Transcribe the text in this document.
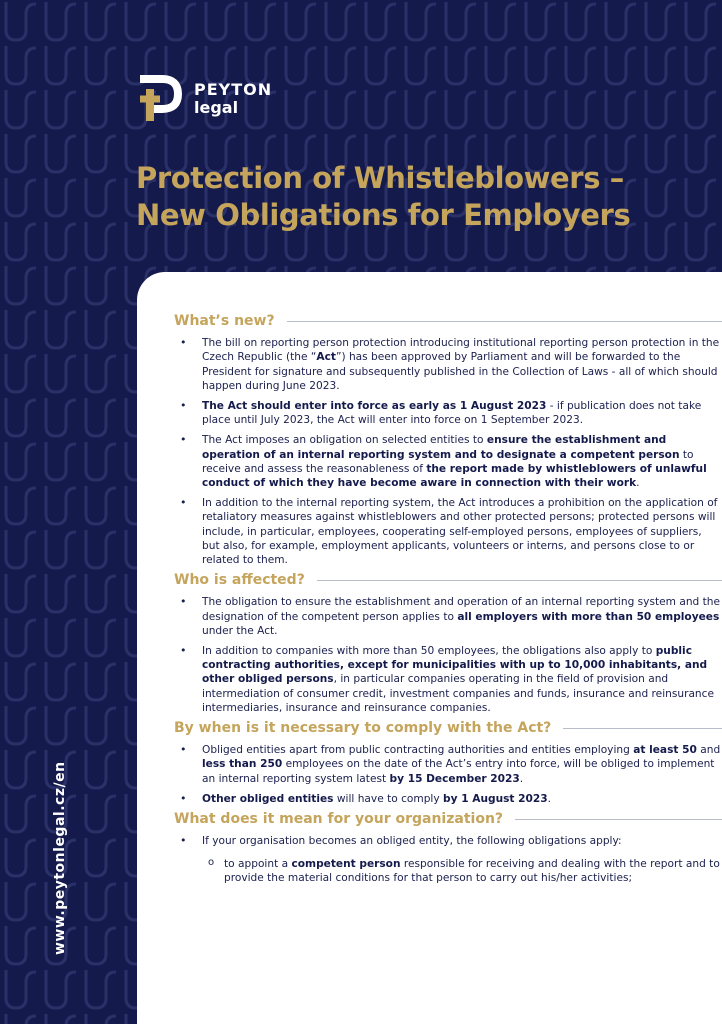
PEYTON
legal
Protection of Whistleblowers –
New Obligations for Employers
www.peytonlegal.cz/en
What’s new?
• The bill on reporting person protection introducing institutional reporting person protection in the Czech Republic (the “Act”) has been approved by Parliament and will be forwarded to the President for signature and subsequently published in the Collection of Laws - all of which should happen during June 2023.
• The Act should enter into force as early as 1 August 2023 - if publication does not take place until July 2023, the Act will enter into force on 1 September 2023.
• The Act imposes an obligation on selected entities to ensure the establishment and operation of an internal reporting system and to designate a competent person to receive and assess the reasonableness of the report made by whistleblowers of unlawful conduct of which they have become aware in connection with their work.
• In addition to the internal reporting system, the Act introduces a prohibition on the application of retaliatory measures against whistleblowers and other protected persons; protected persons will include, in particular, employees, cooperating self-employed persons, employees of suppliers, but also, for example, employment applicants, volunteers or interns, and persons close to or related to them.
Who is affected?
• The obligation to ensure the establishment and operation of an internal reporting system and the designation of the competent person applies to all employers with more than 50 employees under the Act.
• In addition to companies with more than 50 employees, the obligations also apply to public contracting authorities, except for municipalities with up to 10,000 inhabitants, and other obliged persons, in particular companies operating in the field of provision and intermediation of consumer credit, investment companies and funds, insurance and reinsurance intermediaries, insurance and reinsurance companies.
By when is it necessary to comply with the Act?
• Obliged entities apart from public contracting authorities and entities employing at least 50 and less than 250 employees on the date of the Act’s entry into force, will be obliged to implement an internal reporting system latest by 15 December 2023.
• Other obliged entities will have to comply by 1 August 2023.
What does it mean for your organization?
• If your organisation becomes an obliged entity, the following obligations apply:
o to appoint a competent person responsible for receiving and dealing with the report and to provide the material conditions for that person to carry out his/her activities;
